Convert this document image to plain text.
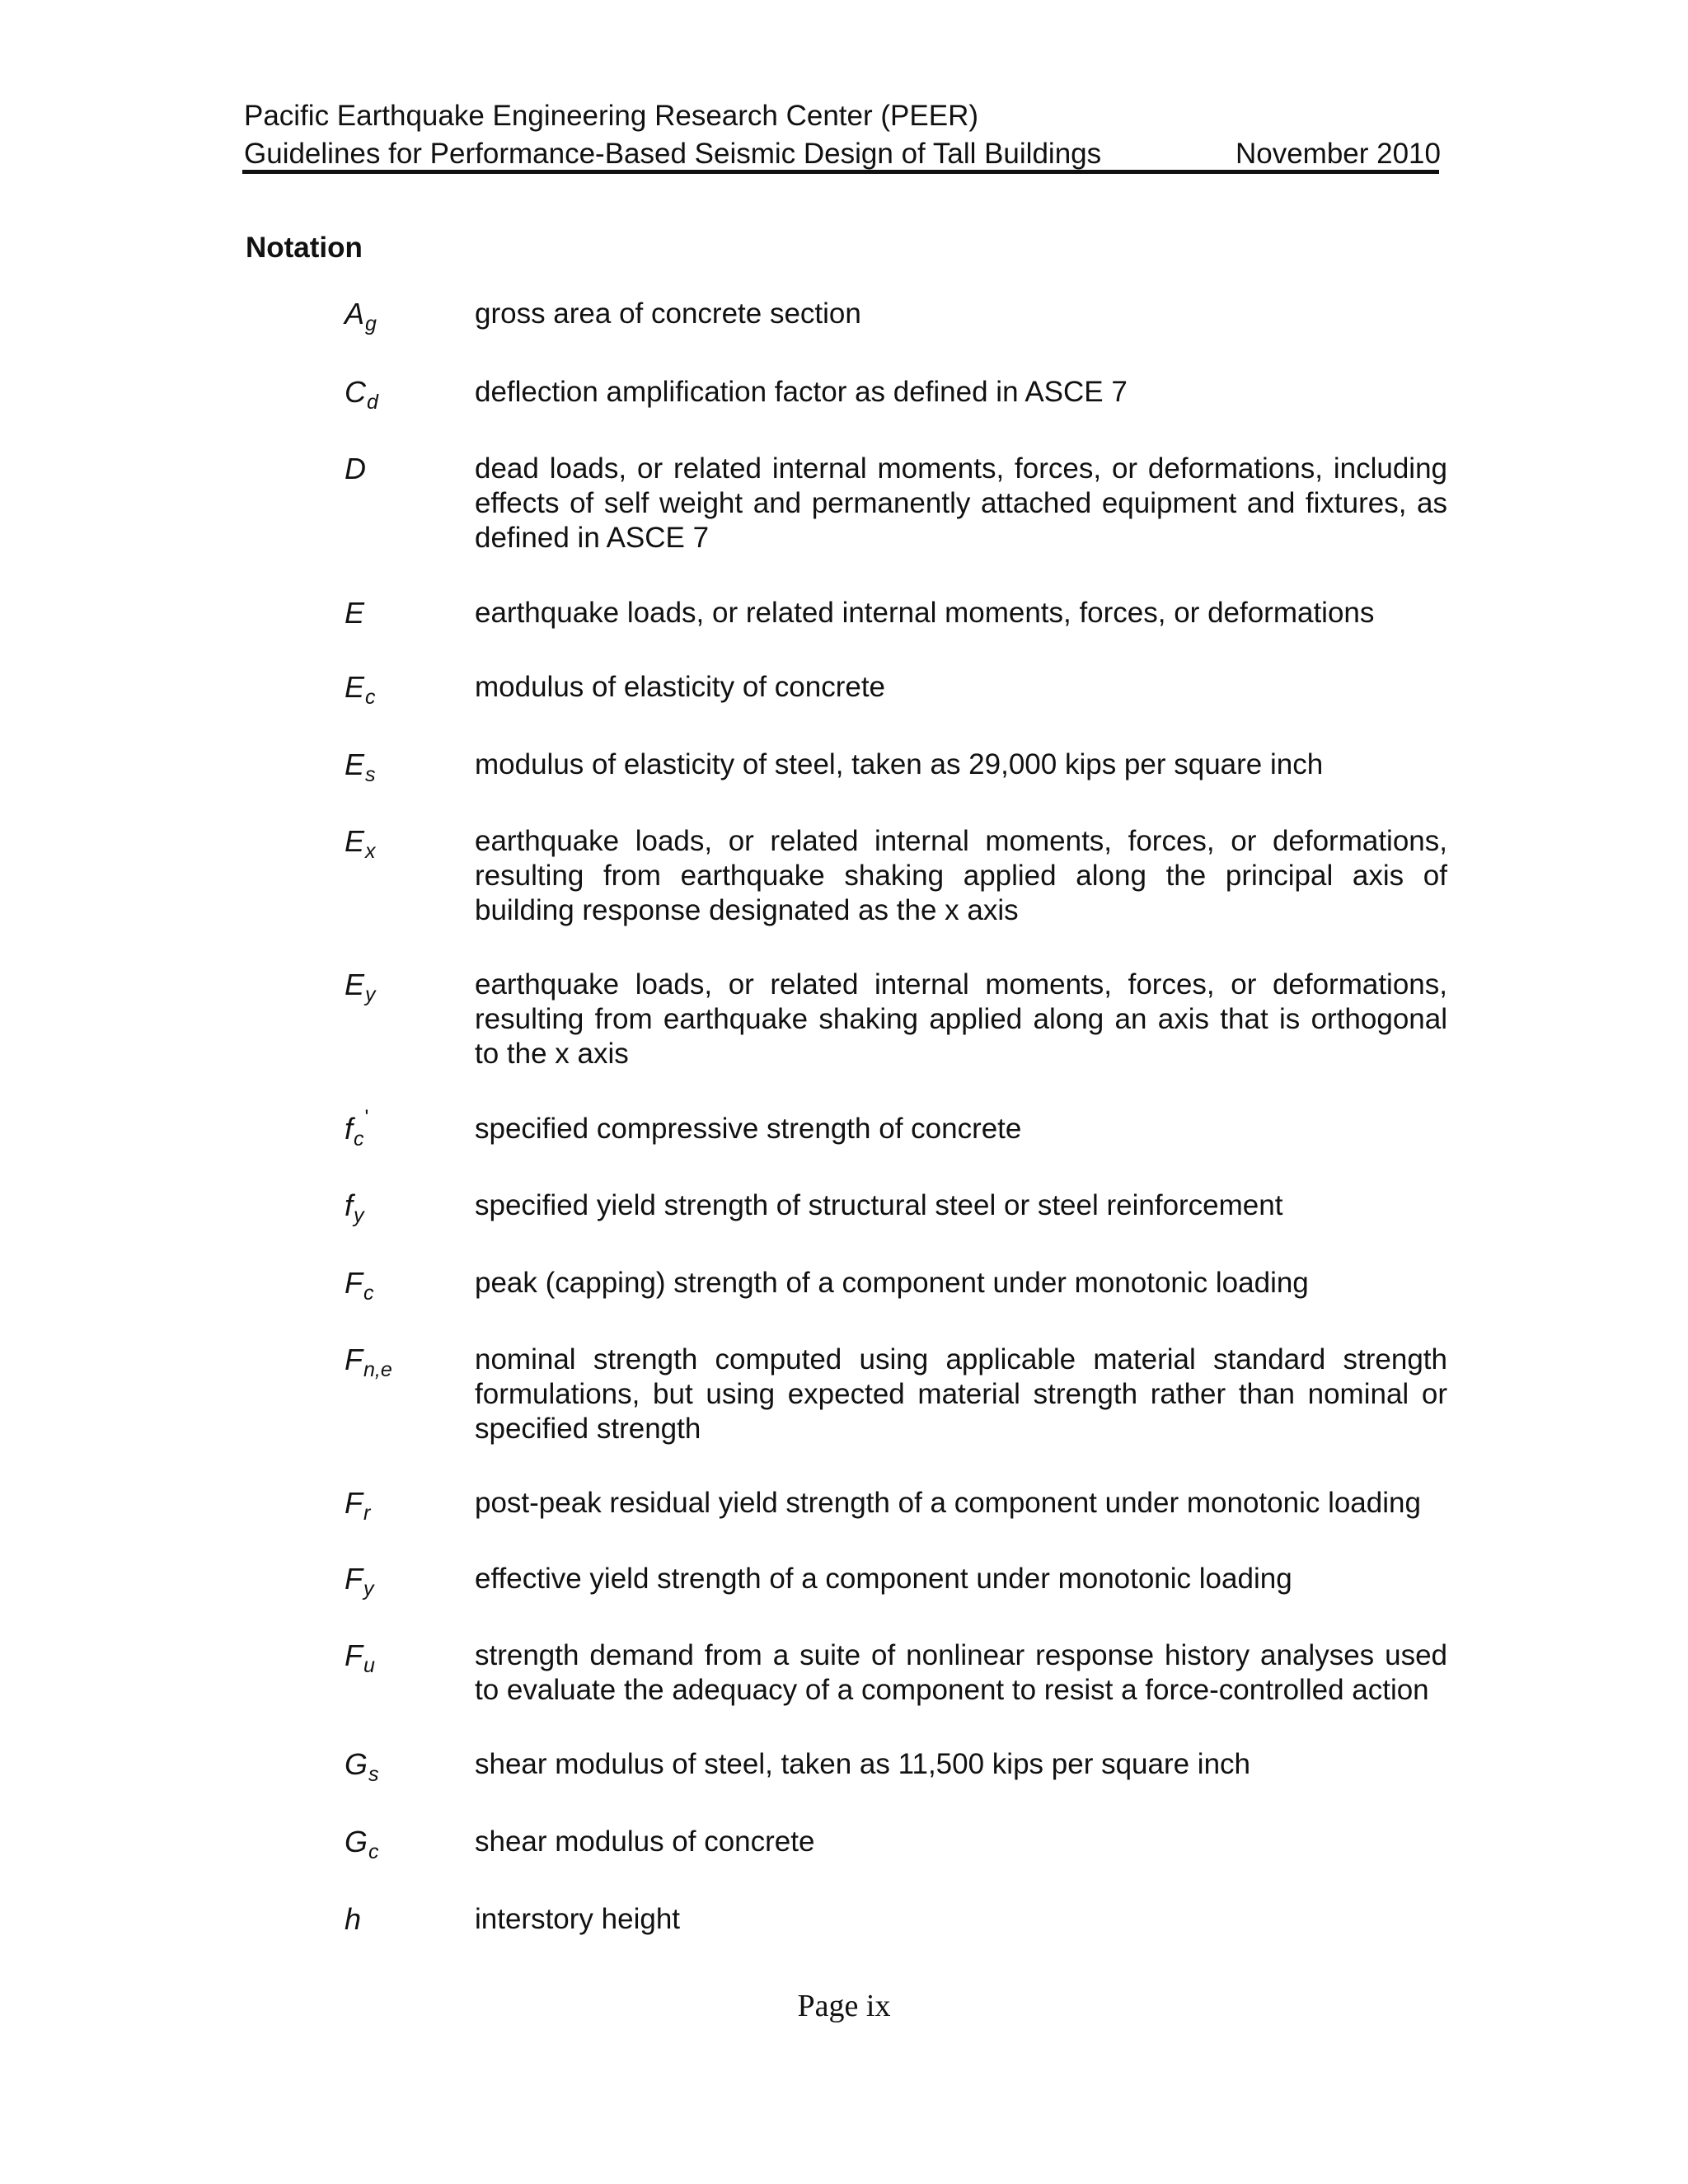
Pacific Earthquake Engineering Research Center (PEER)
Guidelines for Performance-Based Seismic Design of Tall Buildings	November 2010
Notation
$A_g$	gross area of concrete section
$C_d$	deflection amplification factor as defined in ASCE 7
D	dead loads, or related internal moments, forces, or deformations, including effects of self weight and permanently attached equipment and fixtures, as defined in ASCE 7
E	earthquake loads, or related internal moments, forces, or deformations
$E_c$	modulus of elasticity of concrete
$E_s$	modulus of elasticity of steel, taken as 29,000 kips per square inch
$E_x$	earthquake loads, or related internal moments, forces, or deformations, resulting from earthquake shaking applied along the principal axis of building response designated as the x axis
$E_y$	earthquake loads, or related internal moments, forces, or deformations, resulting from earthquake shaking applied along an axis that is orthogonal to the x axis
$f_c'$	specified compressive strength of concrete
$f_y$	specified yield strength of structural steel or steel reinforcement
$F_c$	peak (capping) strength of a component under monotonic loading
$F_{n,e}$	nominal strength computed using applicable material standard strength formulations, but using expected material strength rather than nominal or specified strength
$F_r$	post-peak residual yield strength of a component under monotonic loading
$F_y$	effective yield strength of a component under monotonic loading
$F_u$	strength demand from a suite of nonlinear response history analyses used to evaluate the adequacy of a component to resist a force-controlled action
$G_s$	shear modulus of steel, taken as 11,500 kips per square inch
$G_c$	shear modulus of concrete
h	interstory height
Page ix
